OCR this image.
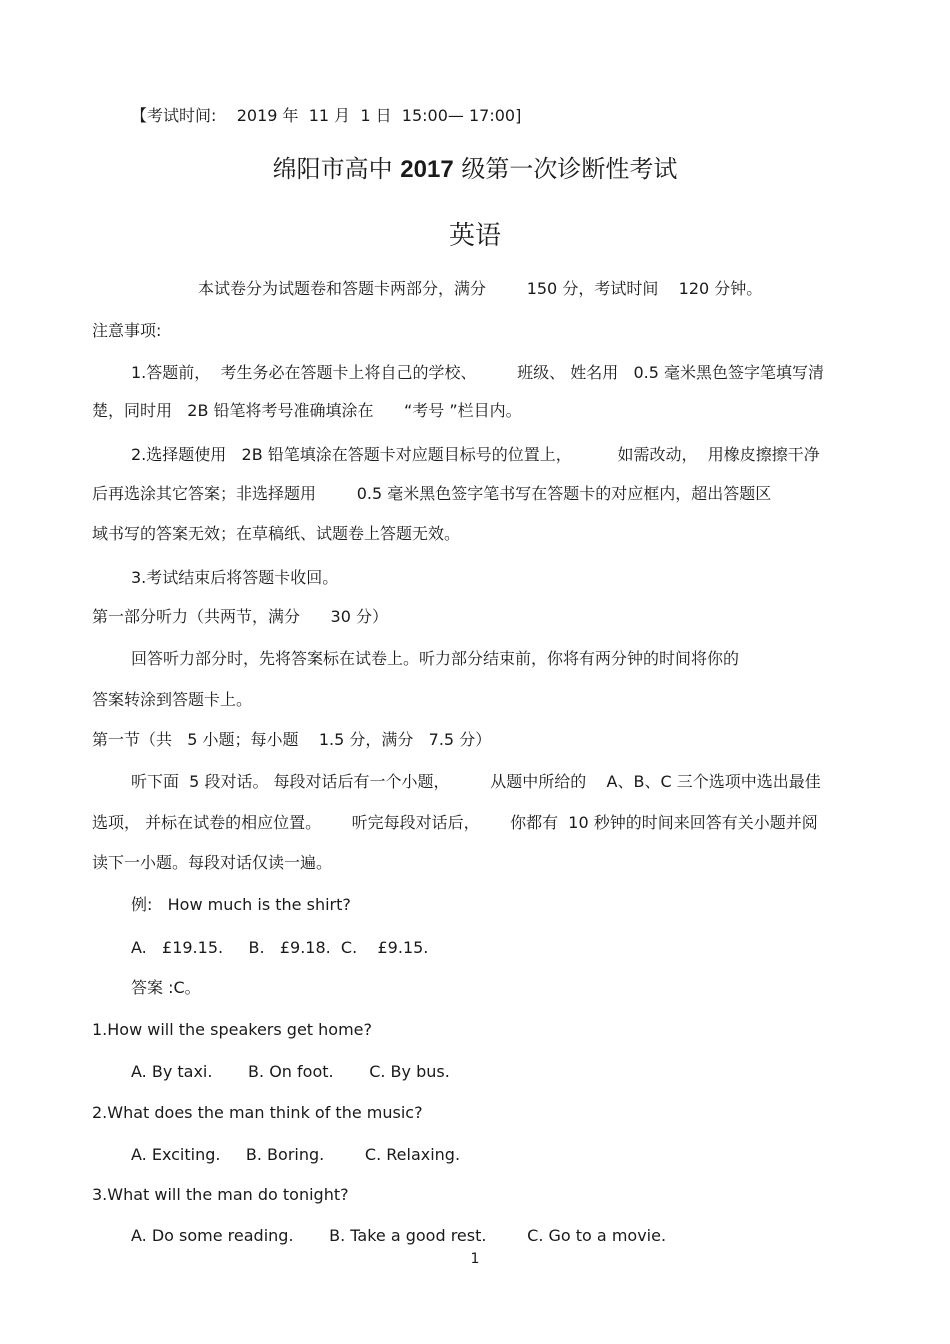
【考试时间:    2019 年  11 月  1 日  15:00— 17:00]
绵阳市高中 2017 级第一次诊断性考试
英语
本试卷分为试题卷和答题卡两部分，满分        150 分，考试时间    120 分钟。
注意事项:
1.答题前，  考生务必在答题卡上将自己的学校、        班级、 姓名用   0.5 毫米黑色签字笔填写清
楚，同时用   2B 铅笔将考号准确填涂在      “考号 ”栏目内。
2.选择题使用   2B 铅笔填涂在答题卡对应题目标号的位置上，         如需改动，  用橡皮擦擦干净
后再选涂其它答案；非选择题用        0.5 毫米黑色签字笔书写在答题卡的对应框内，超出答题区
域书写的答案无效；在草稿纸、试题卷上答题无效。
3.考试结束后将答题卡收回。
第一部分听力（共两节，满分      30 分）
回答听力部分时，先将答案标在试卷上。听力部分结束前，你将有两分钟的时间将你的
答案转涂到答题卡上。
第一节（共   5 小题；每小题    1.5 分，满分   7.5 分）
听下面  5 段对话。 每段对话后有一个小题，        从题中所给的    A、B、C 三个选项中选出最佳
选项， 并标在试卷的相应位置。      听完每段对话后，      你都有  10 秒钟的时间来回答有关小题并阅
读下一小题。每段对话仅读一遍。
例:   How much is the shirt?
A.   £19.15.     B.   £9.18.  C.    £9.15.
答案 :C。
1.How will the speakers get home?
A. By taxi.       B. On foot.       C. By bus.
2.What does the man think of the music?
A. Exciting.     B. Boring.        C. Relaxing.
3.What will the man do tonight?
A. Do some reading.       B. Take a good rest.        C. Go to a movie.
1
